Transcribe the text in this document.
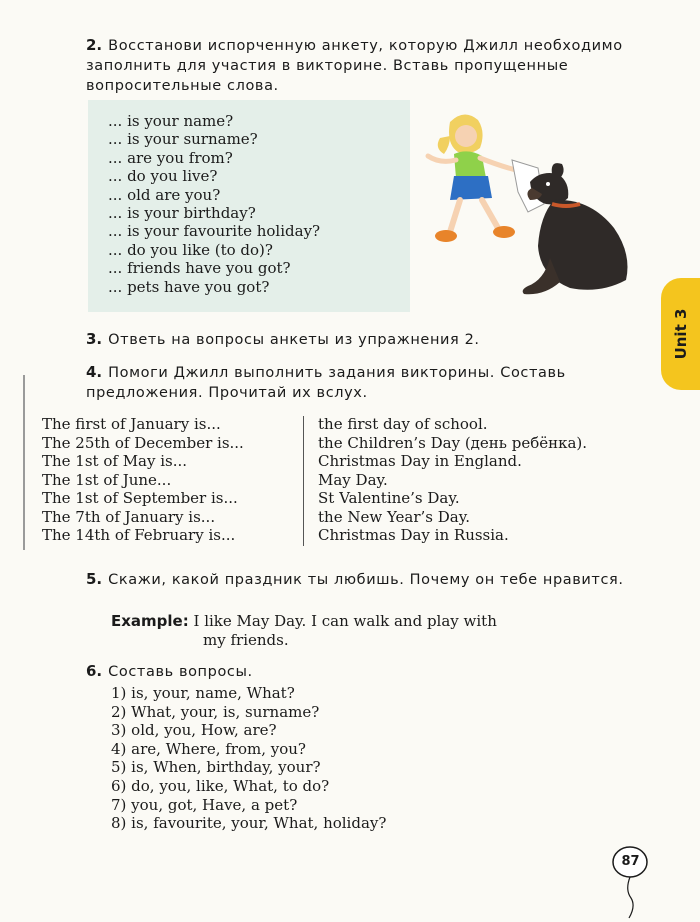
2. Восстанови испорченную анкету, которую Джилл необходимо заполнить для участия в викторине. Вставь пропущенные вопросительные слова.
... is your name?
... is your surname?
... are you from?
... do you live?
... old are you?
... is your birthday?
... is your favourite holiday?
... do you like (to do)?
... friends have you got?
... pets have you got?
3. Ответь на вопросы анкеты из упражнения 2.
4. Помоги Джилл выполнить задания викторины. Составь предложения. Прочитай их вслух.
The first of January is...
The 25th of December is...
The 1st of May is...
The 1st of June...
The 1st of September is...
The 7th of January is...
The 14th of February is...
the first day of school.
the Children’s Day (день ребёнка).
Christmas Day in England.
May Day.
St Valentine’s Day.
the New Year’s Day.
Christmas Day in Russia.
5. Скажи, какой праздник ты любишь. Почему он тебе нравится.
Example: I like May Day. I can walk and play with
my friends.
6. Составь вопросы.
1) is, your, name, What?
2) What, your, is, surname?
3) old, you, How, are?
4) are, Where, from, you?
5) is, When, birthday, your?
6) do, you, like, What, to do?
7) you, got, Have, a pet?
8) is, favourite, your, What, holiday?
Unit 3
87
